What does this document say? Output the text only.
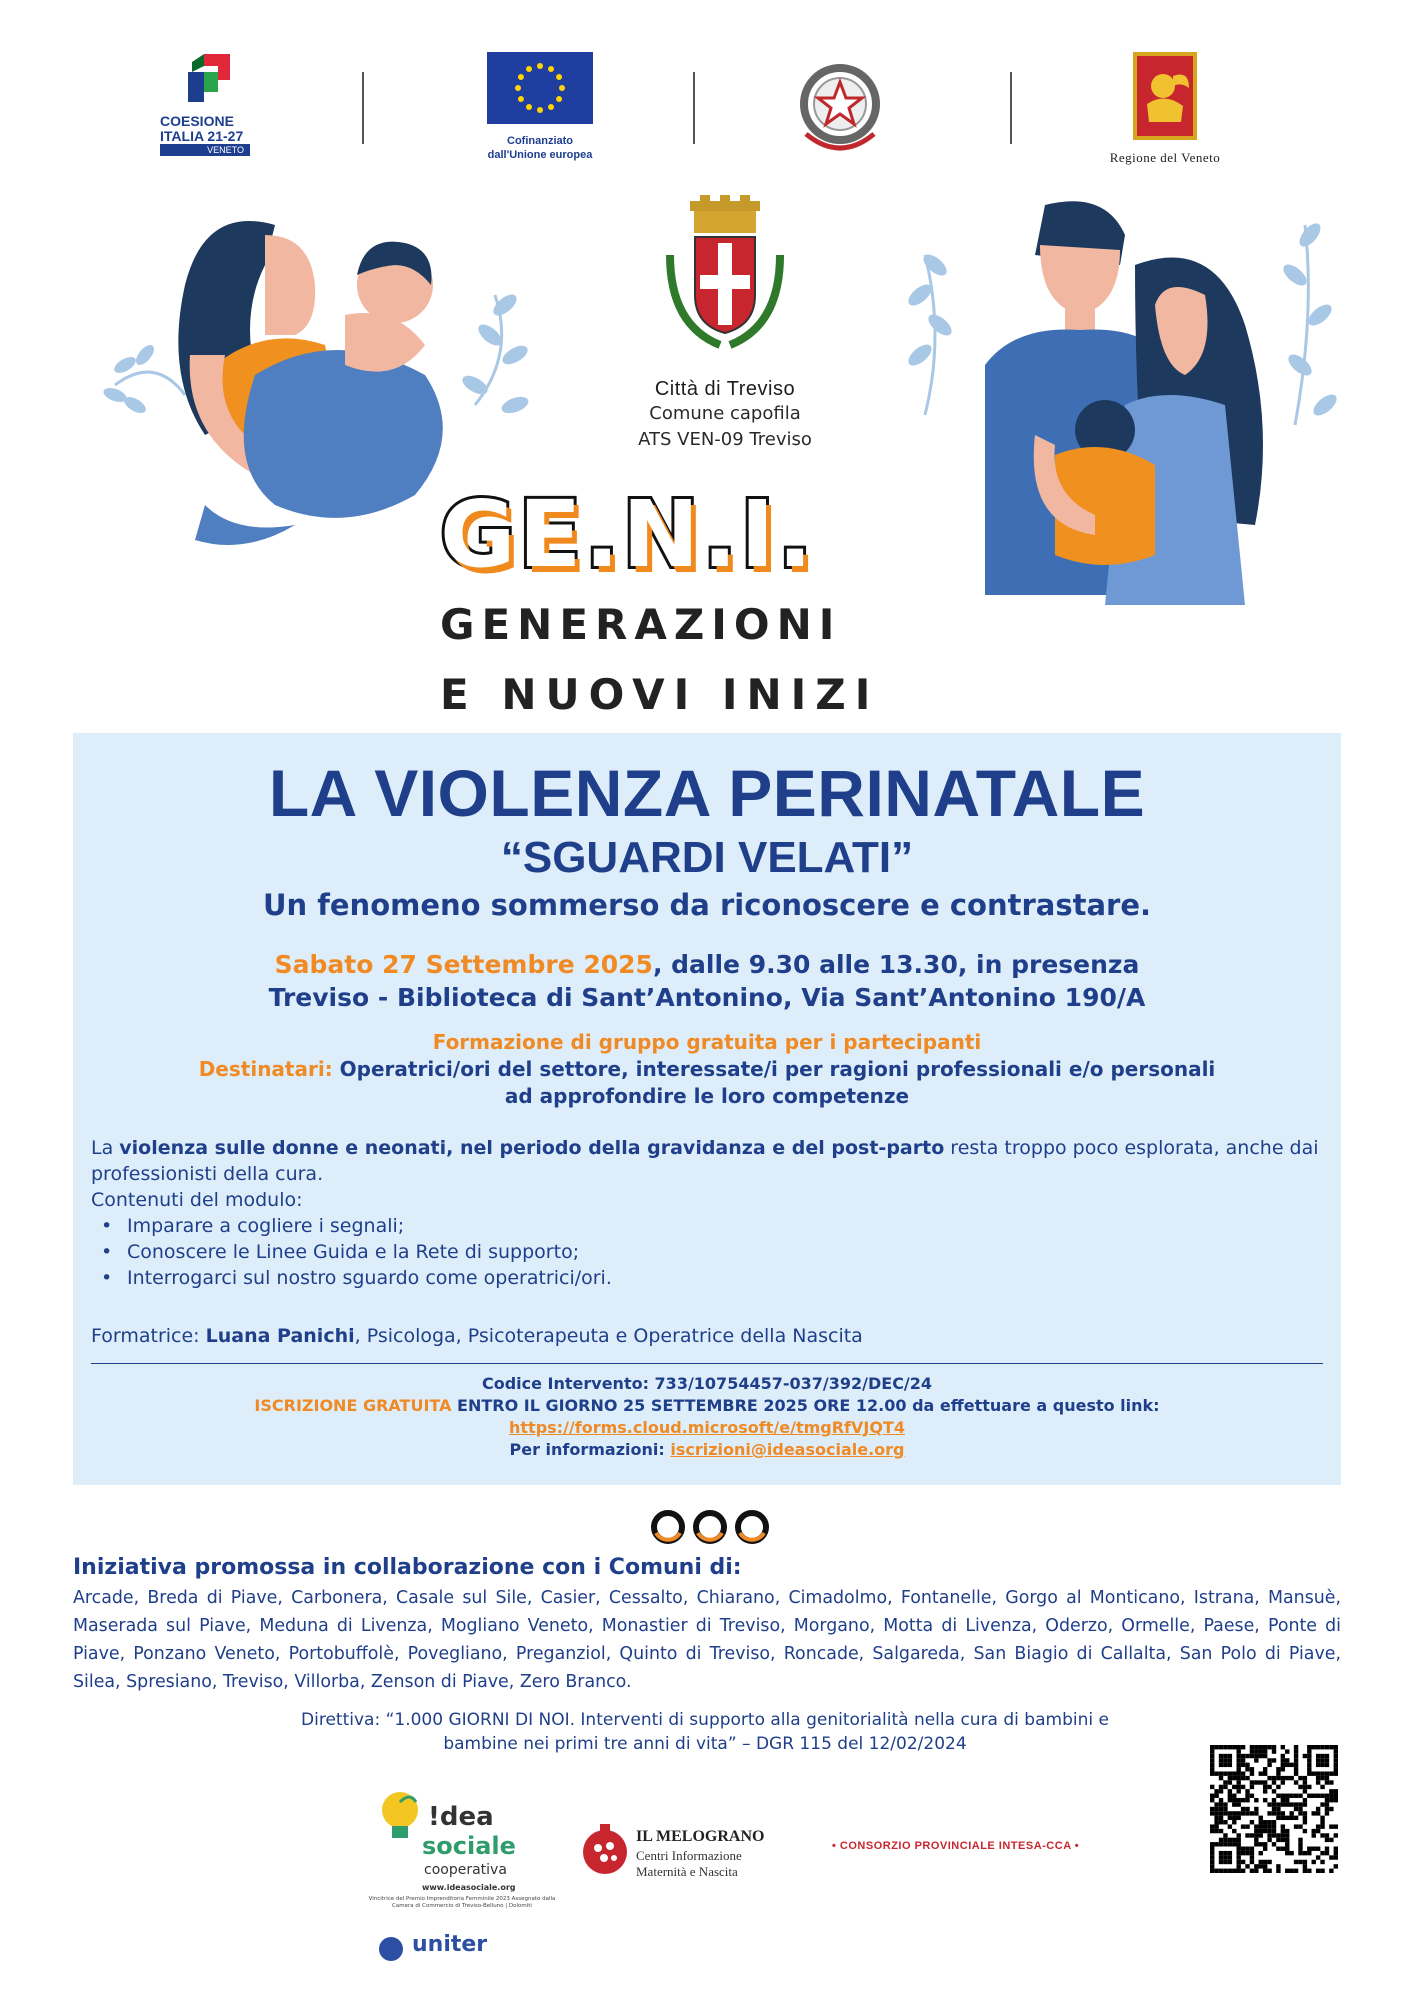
COESIONE
ITALIA 21-27
VENETO
Cofinanziato
dall'Unione europea	Regione del Veneto
Città di Treviso
Comune capofila
ATS VEN-09 Treviso
GE.N.I.
GENERAZIONI
E NUOVI INIZI
LA VIOLENZA PERINATALE
“SGUARDI VELATI”
Un fenomeno sommerso da riconoscere e contrastare.
Sabato 27 Settembre 2025, dalle 9.30 alle 13.30, in presenza
Treviso - Biblioteca di Sant’Antonino, Via Sant’Antonino 190/A
Formazione di gruppo gratuita per i partecipanti
Destinatari: Operatrici/ori del settore, interessate/i per ragioni professionali e/o personali
ad approfondire le loro competenze

La violenza sulle donne e neonati, nel periodo della gravidanza e del post-parto resta troppo poco esplorata, anche dai professionisti della cura.

Contenuti del modulo:

• Imparare a cogliere i segnali;
• Conoscere le Linee Guida e la Rete di supporto;
• Interrogarci sul nostro sguardo come operatrici/ori.
Formatrice: Luana Panichi, Psicologa, Psicoterapeuta e Operatrice della Nascita
Codice Intervento: 733/10754457-037/392/DEC/24
ISCRIZIONE GRATUITA ENTRO IL GIORNO 25 SETTEMBRE 2025 ORE 12.00 da effettuare a questo link:
https://forms.cloud.microsoft/e/tmgRfVJQT4
Per informazioni: iscrizioni@ideasociale.org
Iniziativa promossa in collaborazione con i Comuni di:
Arcade, Breda di Piave, Carbonera, Casale sul Sile, Casier, Cessalto, Chiarano, Cimadolmo, Fontanelle, Gorgo al Monticano, Istrana, Mansuè, Maserada sul Piave, Meduna di Livenza, Mogliano Veneto, Monastier di Treviso, Morgano, Motta di Livenza, Oderzo, Ormelle, Paese, Ponte di Piave, Ponzano Veneto, Portobuffolè, Povegliano, Preganziol, Quinto di Treviso, Roncade, Salgareda, San Biagio di Callalta, San Polo di Piave, Silea, Spresiano, Treviso, Villorba, Zenson di Piave, Zero Branco.
Direttiva: “1.000 GIORNI DI NOI. Interventi di supporto alla genitorialità nella cura di bambini e
bambine nei primi tre anni di vita” – DGR 115 del 12/02/2024
!dea
sociale
cooperativa
www.ideasociale.org
Vincitrice del Premio Imprenditoria Femminile 2023 Assegnato dalla Camera di Commercio di Treviso-Belluno | Dolomiti
uniter
IL MELOGRANO
Centri Informazione
Maternità e Nascita
• CONSORZIO PROVINCIALE INTESA-CCA •
